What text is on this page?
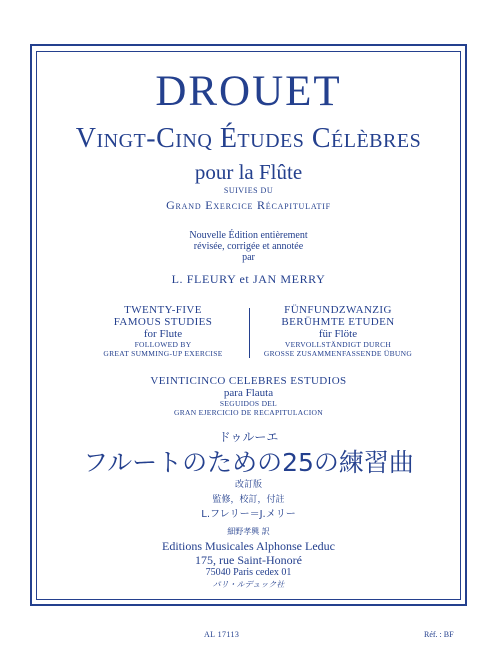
DROUET
Vingt-Cinq Études Célèbres
pour la Flûte
SUIVIES DU
Grand Exercice Récapitulatif
Nouvelle Édition entièrement
révisée, corrigée et annotée
par
L. FLEURY et JAN MERRY
TWENTY-FIVE
FAMOUS STUDIES
for Flute
FOLLOWED BY
GREAT SUMMING-UP EXERCISE
FÜNFUNDZWANZIG
BERÜHMTE ETUDEN
für Flöte
VERVOLLSTÄNDIGT DURCH
GROSSE ZUSAMMENFASSENDE ÜBUNG
VEINTICINCO CELEBRES ESTUDIOS
para Flauta
SEGUIDOS DEL
GRAN EJERCICIO DE RECAPITULACION
ドゥルーエ
フルートのための25の練習曲
改訂版
監修，校訂，付註
L.フレリー＝J.メリー
細野孝興 訳
Editions Musicales Alphonse Leduc
175, rue Saint-Honoré
75040 Paris cedex 01
パリ・ルデュック社
AL 17113	Réf. : BF
